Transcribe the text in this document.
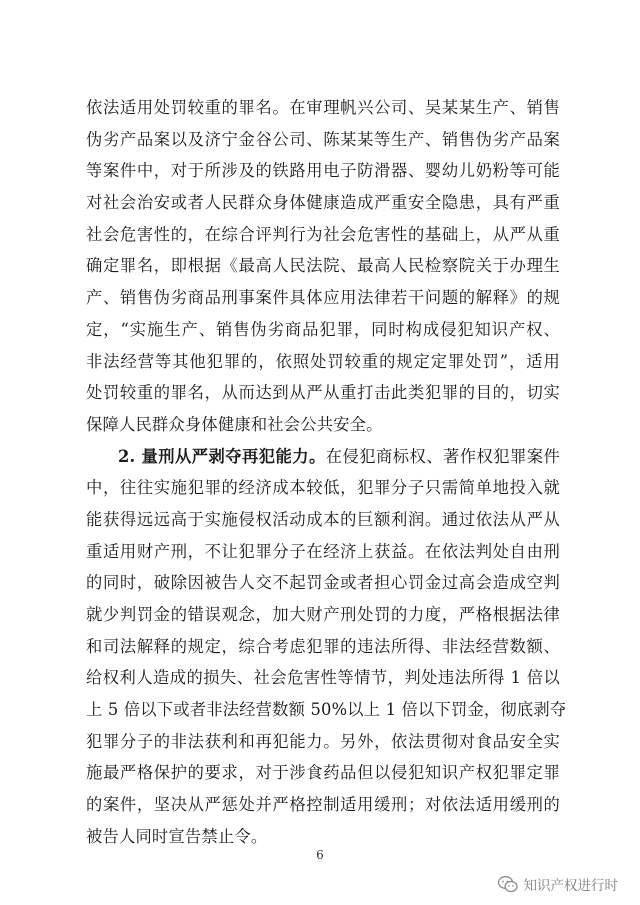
依法适用处罚较重的罪名。在审理帆兴公司、吴某某生产、销售
伪劣产品案以及济宁金谷公司、陈某某等生产、销售伪劣产品案
等案件中，对于所涉及的铁路用电子防滑器、婴幼儿奶粉等可能
对社会治安或者人民群众身体健康造成严重安全隐患，具有严重
社会危害性的，在综合评判行为社会危害性的基础上，从严从重
确定罪名，即根据《最高人民法院、最高人民检察院关于办理生
产、销售伪劣商品刑事案件具体应用法律若干问题的解释》的规
定，“实施生产、销售伪劣商品犯罪，同时构成侵犯知识产权、
非法经营等其他犯罪的，依照处罚较重的规定定罪处罚”，适用
处罚较重的罪名，从而达到从严从重打击此类犯罪的目的，切实
保障人民群众身体健康和社会公共安全。
2. 量刑从严剥夺再犯能力。在侵犯商标权、著作权犯罪案件
中，往往实施犯罪的经济成本较低，犯罪分子只需简单地投入就
能获得远远高于实施侵权活动成本的巨额利润。通过依法从严从
重适用财产刑，不让犯罪分子在经济上获益。在依法判处自由刑
的同时，破除因被告人交不起罚金或者担心罚金过高会造成空判
就少判罚金的错误观念，加大财产刑处罚的力度，严格根据法律
和司法解释的规定，综合考虑犯罪的违法所得、非法经营数额、
给权利人造成的损失、社会危害性等情节，判处违法所得 1 倍以
上 5 倍以下或者非法经营数额 50%以上 1 倍以下罚金，彻底剥夺
犯罪分子的非法获利和再犯能力。另外，依法贯彻对食品安全实
施最严格保护的要求，对于涉食药品但以侵犯知识产权犯罪定罪
的案件，坚决从严惩处并严格控制适用缓刑；对依法适用缓刑的
被告人同时宣告禁止令。
6
知识产权进行时
